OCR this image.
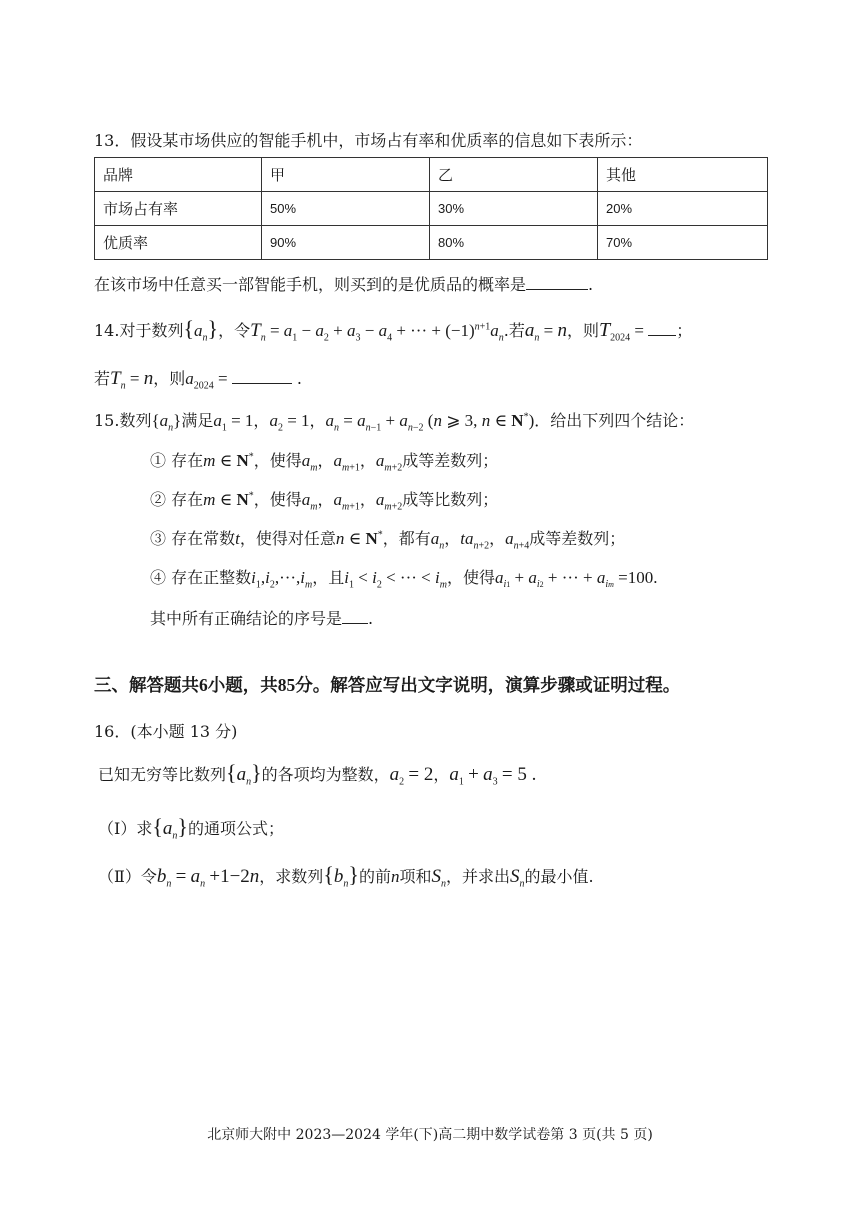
13．假设某市场供应的智能手机中，市场占有率和优质率的信息如下表所示：
品牌	甲	乙	其他
市场占有率	50%	30%	20%
优质率	90%	80%	70%
在该市场中任意买一部智能手机，则买到的是优质品的概率是	.
14.对于数列$\{a_n\}$，令$T_n = a_1 - a_2 + a_3 - a_4$ + ··· + $(-1)^{n+1}a_n$.若$a_n = n$，则$T_{2024}$ = ；
若$T_n = n$，则$a_{2024}$ =	.
15.数列$\{a_n\}$满足$a_1 = 1$，$a_2 = 1$，$a_n = a_{n-1} + a_{n-2}$ (n ⩾ 3, n ∈ N*)．给出下列四个结论：
① 存在m ∈ N*，使得$a_m$，$a_{m+1}$，$a_{m+2}$成等差数列；
② 存在m ∈ N*，使得$a_m$，$a_{m+1}$，$a_{m+2}$成等比数列；
③ 存在常数t，使得对任意n ∈ N*，都有$a_n$，$ta_{n+2}$，$a_{n+4}$成等差数列；
④ 存在正整数$i_1,i_2,\cdot\cdot\cdot,i_m$，且$i_1 < i_2$ < ··· < $i_m$，使得$a_{i1} + a_{i2}$ + ··· + $a_{im} =100$.
其中所有正确结论的序号是 .
三、解答题共6小题，共85分。解答应写出文字说明，演算步骤或证明过程。
16．(本小题 13 分)
已知无穷等比数列$\{a_n\}$的各项均为整数，$a_2 = 2$，$a_1 + a_3 = 5$ .
（Ⅰ）求$\{a_n\}$的通项公式；
（Ⅱ）令$b_n = a_n +1-2n$，求数列$\{b_n\}$的前n项和$S_n$，并求出$S_n$的最小值.
北京师大附中 2023—2024 学年(下)高二期中数学试卷第 3 页(共 5 页)
